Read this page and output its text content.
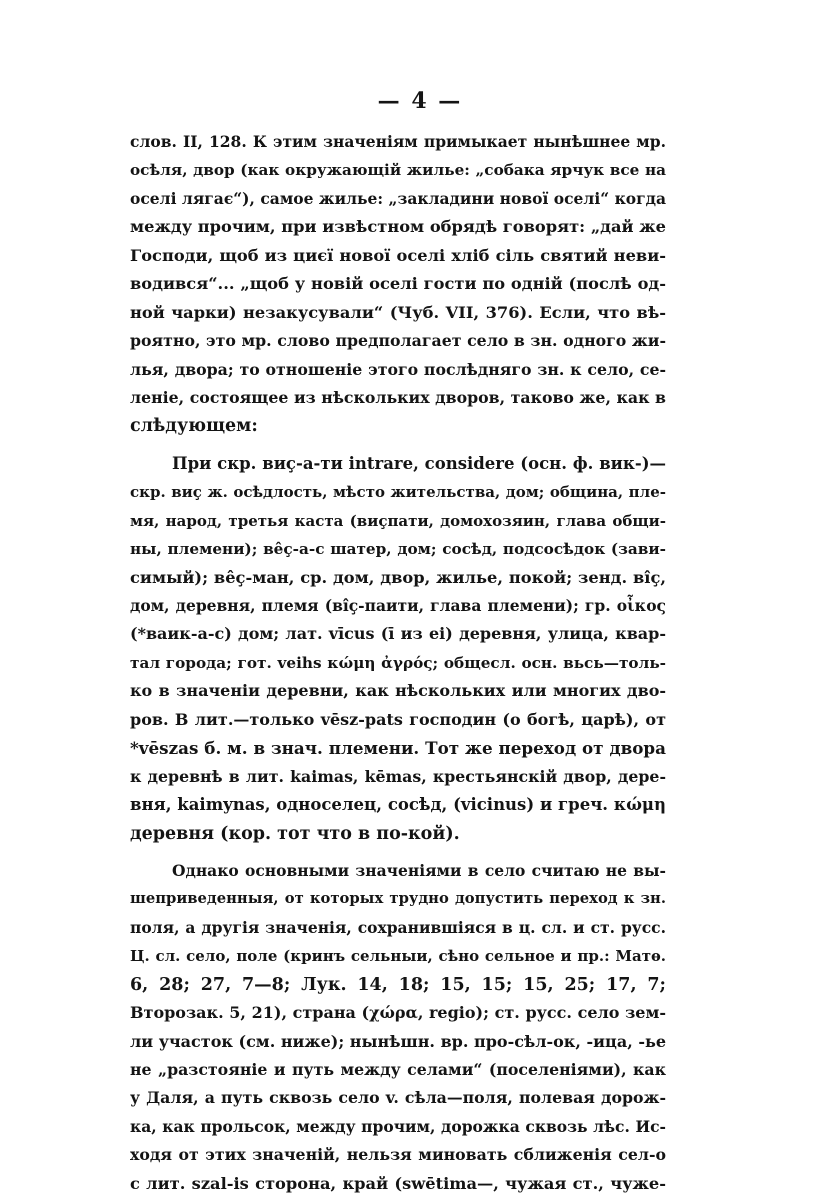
— 4 —
слов. II, 128. К этим значеніям примыкает нынѣшнее мр.
осѣля, двор (как окружающій жилье: „собака ярчук все на
оселі лягає“), самое жилье: „закладини нової оселі“ когда
между прочим, при извѣстном обрядѣ говорят: „дай же
Господи, щоб из циєї новоï оселі хліб сіль святий неви-
водився“... „щоб у новій оселі гости по одній (послѣ од-
ной чарки) незакусували“ (Чуб. VII, 376). Если, что вѣ-
роятно, это мр. слово предполагает село в зн. одного жи-
лья, двора; то отношеніе этого послѣдняго зн. к село, се-
леніе, состоящее из нѣскольких дворов, таково же, как в
слѣдующем:
При скр. виç-а-ти intrare, considere (осн. ф. вик-)—
скр. виç ж. осѣдлость, мѣсто жительства, дом; община, пле-
мя, народ, третья каста (виçпати, домохозяин, глава общи-
ны, племени); вêç-а-с шатер, дом; сосѣд, подсосѣдок (зави-
симый); вêç-ман, ср. дом, двор, жилье, покой; зенд. вîç,
дом, деревня, племя (вîç-паити, глава племени); гр. οἶκος
(*ваик-а-с) дом; лат. vīcus (ī из ei) деревня, улица, квар-
тал города; гот. veihs κώμη ἀγρός; общесл. осн. вьсь—толь-
ко в значеніи деревни, как нѣскольких или многих дво-
ров. В лит.—только vēsz-pats господин (о богѣ, царѣ), от
*vēszas б. м. в знач. племени. Тот же переход от двора
к деревнѣ в лит. kaimas, kēmas, крестьянскій двор, дере-
вня, kaimynas, односелец, сосѣд, (vicinus) и греч. κώμη
деревня (кор. тот что в по-кой).
Однако основными значеніями в село считаю не вы-
шеприведенныя, от которых трудно допустить переход к зн.
поля, а другія значенія, сохранившіяся в ц. сл. и ст. русс.
Ц. сл. село, поле (кринъ сельныи, сѣно сельное и пр.: Матѳ.
6, 28; 27, 7—8; Лук. 14, 18; 15, 15; 15, 25; 17, 7;
Второзак. 5, 21), страна (χώρα, regio); ст. русс. село зем-
ли участок (см. ниже); нынѣшн. вр. про-сѣл-ок, -ица, -ье
не „разстояніе и путь между селами“ (поселеніями), как
у Даля, а путь сквозь село v. сѣла—поля, полевая дорож-
ка, как прольсок, между прочим, дорожка сквозь лѣс. Ис-
ходя от этих значеній, нельзя миновать сближенія сел-о
с лит. szal-is сторона, край (swētima—, чужая ст., чуже-
